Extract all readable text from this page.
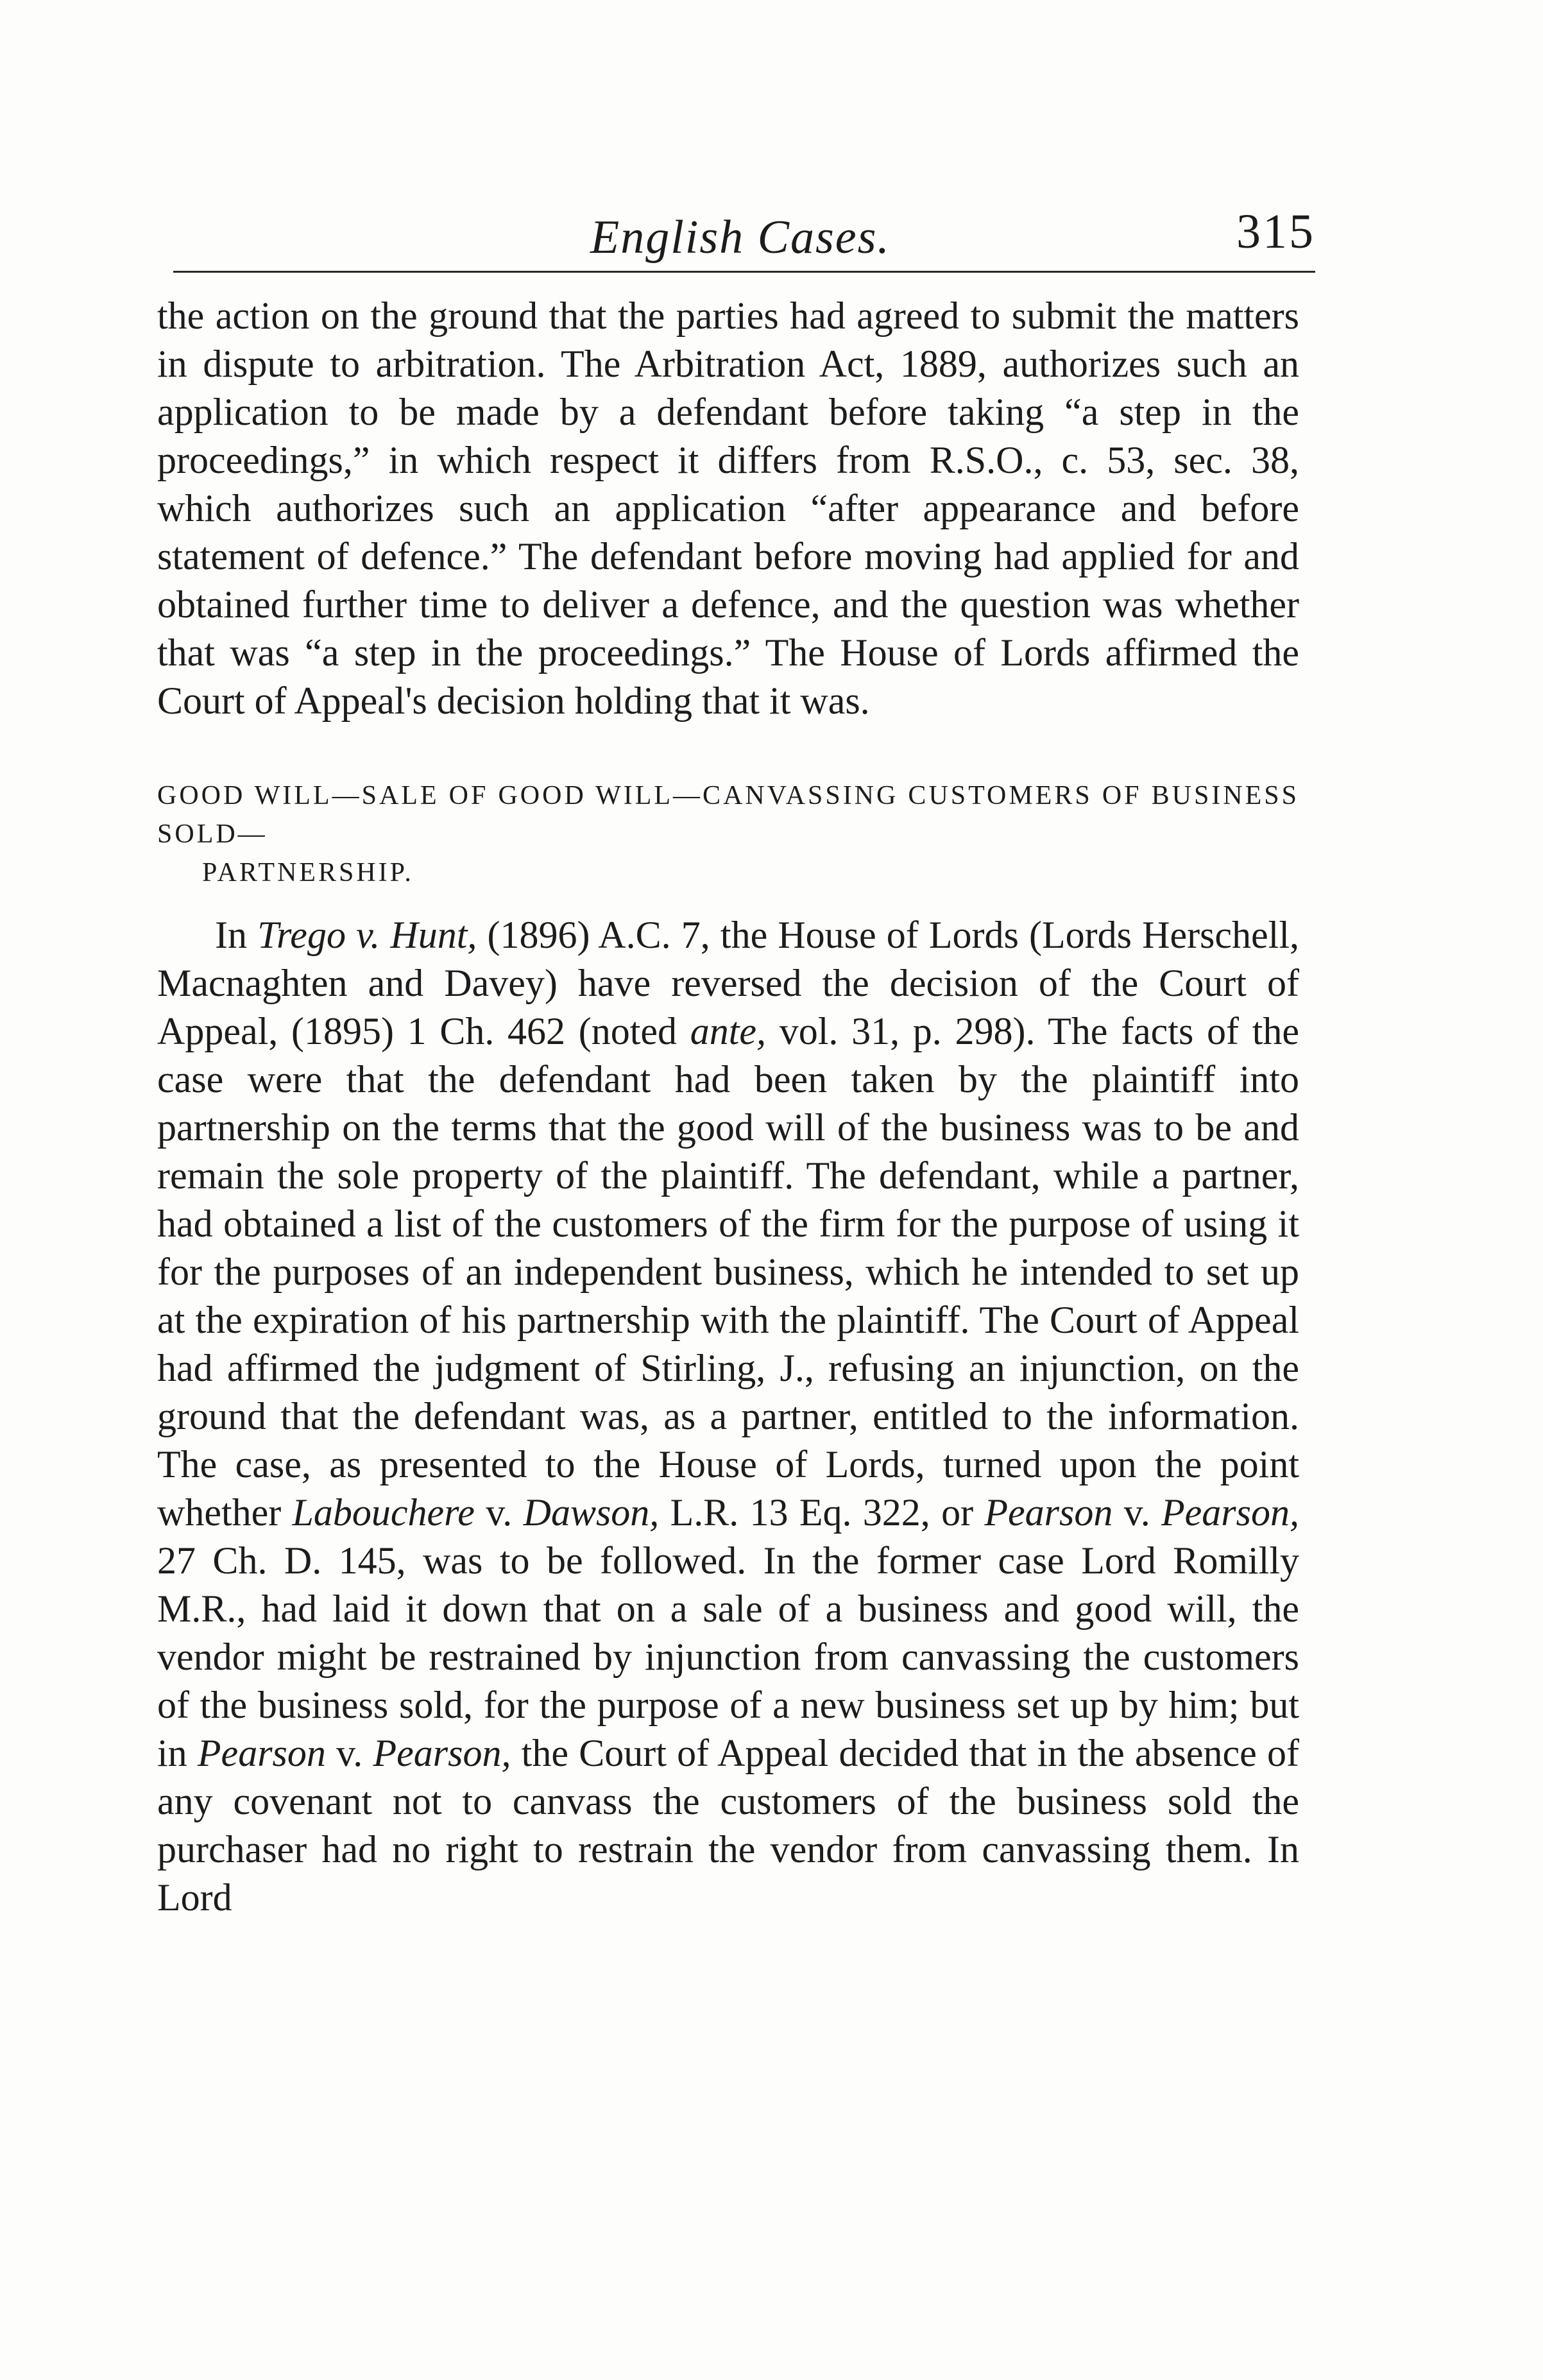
English Cases.	315

the action on the ground that the parties had agreed to submit the matters in dispute to arbitration. The Arbitration Act, 1889, authorizes such an application to be made by a defendant before taking “a step in the proceedings,” in which respect it differs from R.S.O., c. 53, sec. 38, which authorizes such an application “after appearance and before statement of defence.” The defendant before moving had applied for and obtained further time to deliver a defence, and the question was whether that was “a step in the proceedings.” The House of Lords affirmed the Court of Appeal's decision holding that it was.

GOOD WILL—SALE OF GOOD WILL—CANVASSING CUSTOMERS OF BUSINESS SOLD—
PARTNERSHIP.

In Trego v. Hunt, (1896) A.C. 7, the House of Lords (Lords Herschell, Macnaghten and Davey) have reversed the decision of the Court of Appeal, (1895) 1 Ch. 462 (noted ante, vol. 31, p. 298). The facts of the case were that the defendant had been taken by the plaintiff into partnership on the terms that the good will of the business was to be and remain the sole property of the plaintiff. The defendant, while a partner, had obtained a list of the customers of the firm for the purpose of using it for the purposes of an independent business, which he intended to set up at the expiration of his partnership with the plaintiff. The Court of Appeal had affirmed the judgment of Stirling, J., refusing an injunction, on the ground that the defendant was, as a partner, entitled to the information. The case, as presented to the House of Lords, turned upon the point whether Labouchere v. Dawson, L.R. 13 Eq. 322, or Pearson v. Pearson, 27 Ch. D. 145, was to be followed. In the former case Lord Romilly M.R., had laid it down that on a sale of a business and good will, the vendor might be restrained by injunction from canvassing the customers of the business sold, for the purpose of a new business set up by him; but in Pearson v. Pearson, the Court of Appeal decided that in the absence of any covenant not to canvass the customers of the business sold the purchaser had no right to restrain the vendor from canvassing them. In Lord
